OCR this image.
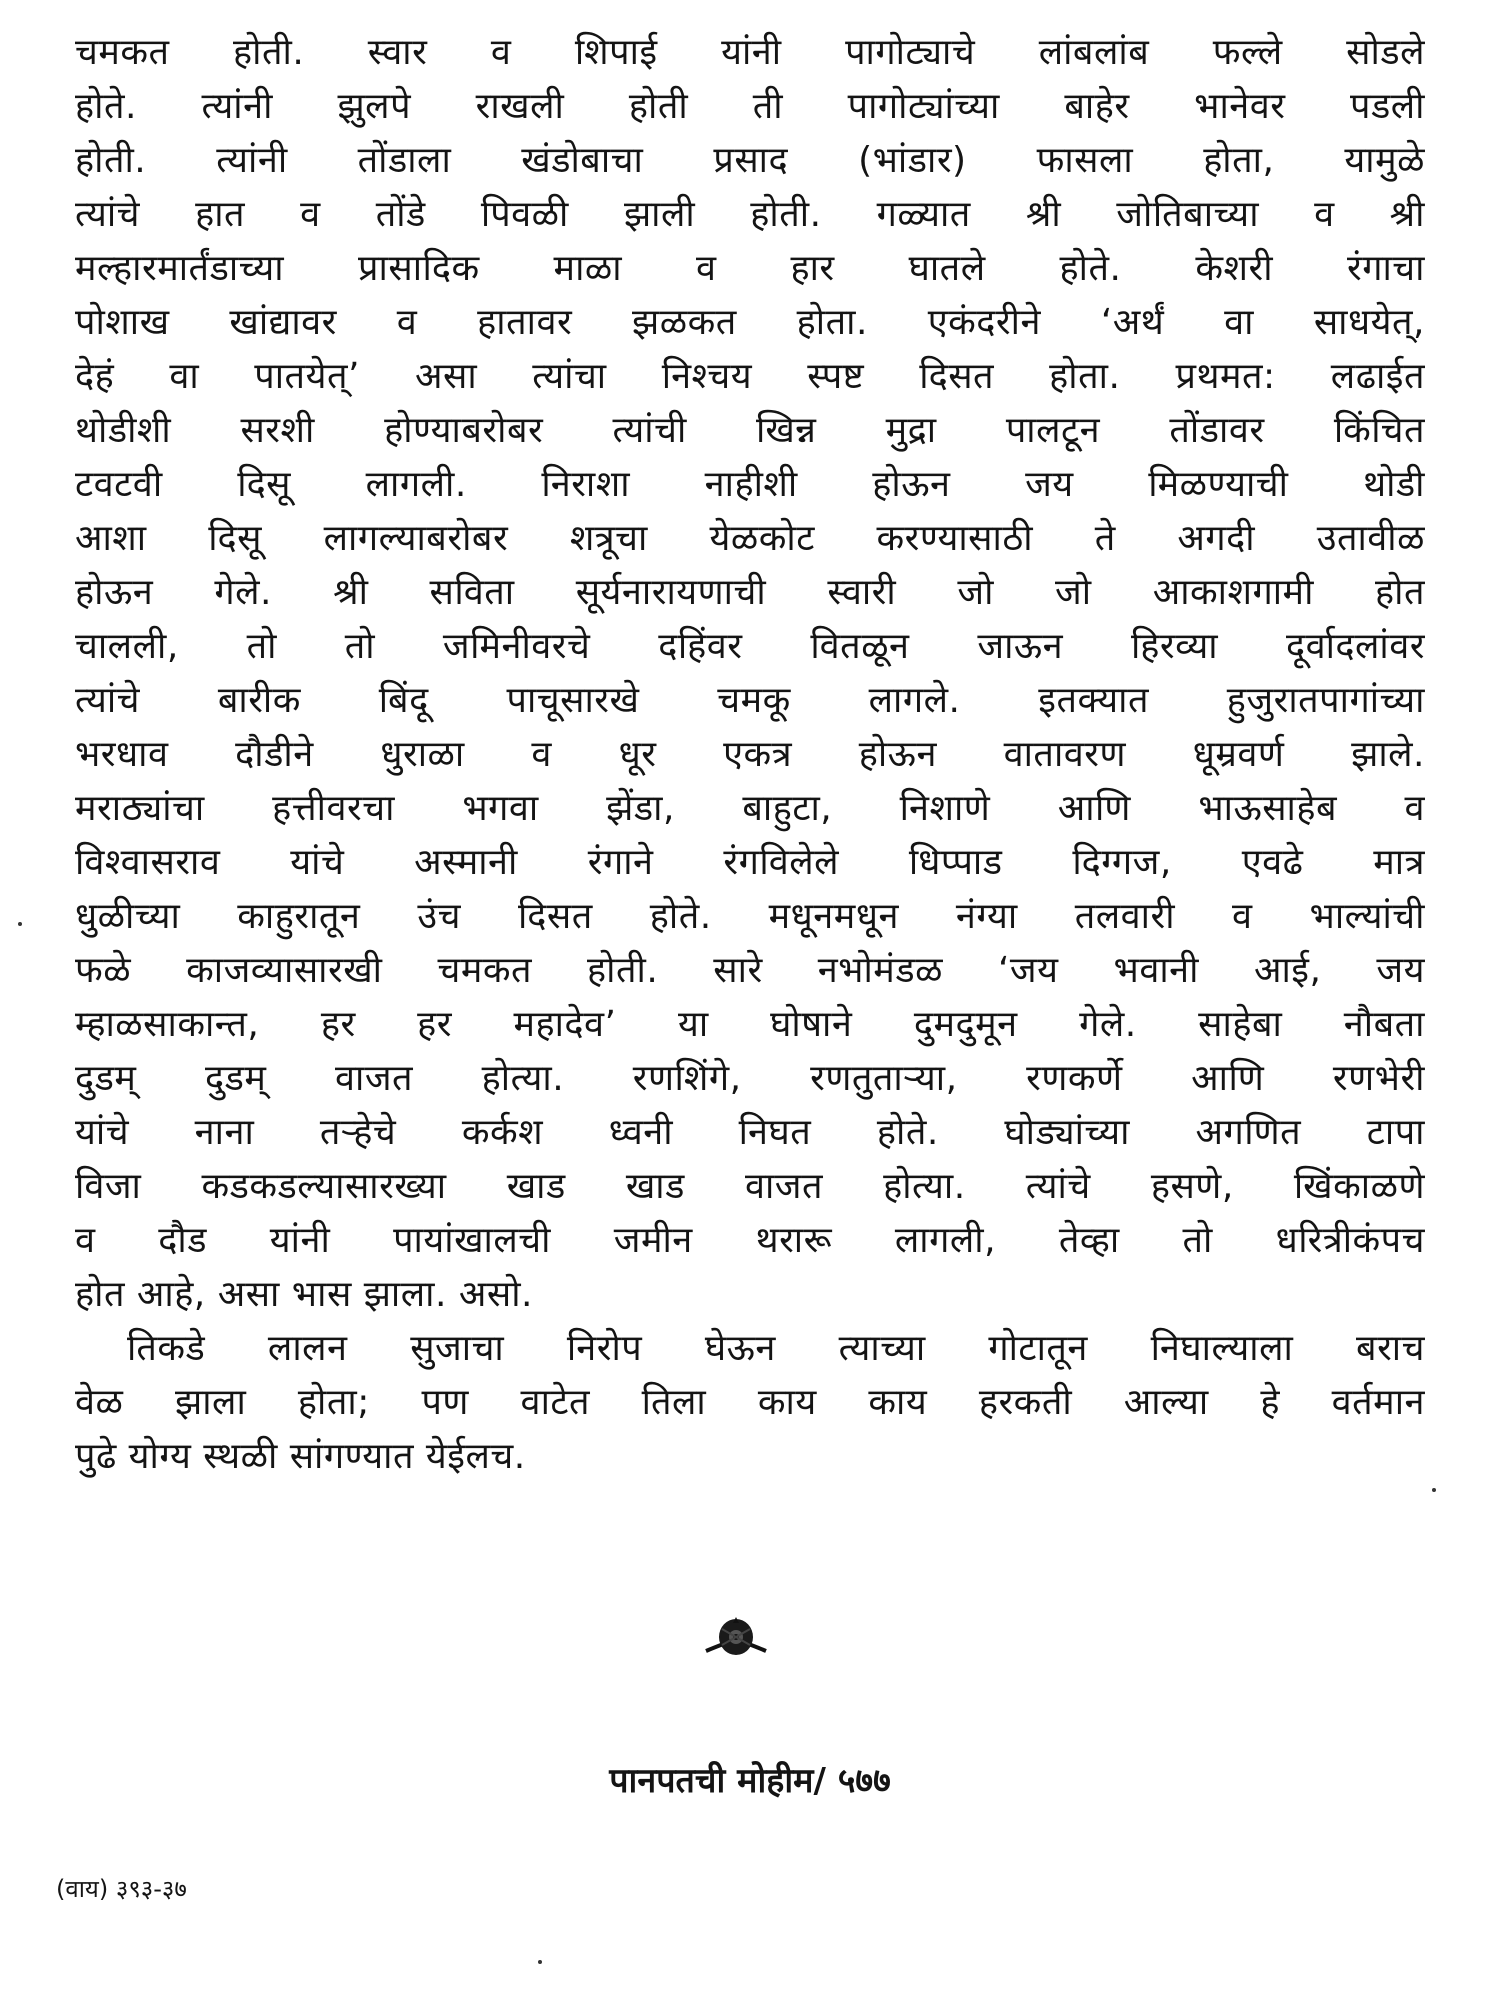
चमकत होती. स्वार व शिपाई यांनी पागोट्याचे लांबलांब फल्ले सोडले
होते. त्यांनी झुलपे राखली होती ती पागोट्यांच्या बाहेर भानेवर पडली
होती. त्यांनी तोंडाला खंडोबाचा प्रसाद (भांडार) फासला होता, यामुळे
त्यांचे हात व तोंडे पिवळी झाली होती. गळ्यात श्री जोतिबाच्या व श्री
मल्हारमार्तंडाच्या प्रासादिक माळा व हार घातले होते. केशरी रंगाचा
पोशाख खांद्यावर व हातावर झळकत होता. एकंदरीने ‘अर्थं वा साधयेत्,
देहं वा पातयेत्’ असा त्यांचा निश्चय स्पष्ट दिसत होता. प्रथमत: लढाईत
थोडीशी सरशी होण्याबरोबर त्यांची खिन्न मुद्रा पालटून तोंडावर किंचित
टवटवी दिसू लागली. निराशा नाहीशी होऊन जय मिळण्याची थोडी
आशा दिसू लागल्याबरोबर शत्रूचा येळकोट करण्यासाठी ते अगदी उतावीळ
होऊन गेले. श्री सविता सूर्यनारायणाची स्वारी जो जो आकाशगामी होत
चालली, तो तो जमिनीवरचे दहिंवर वितळून जाऊन हिरव्या दूर्वादलांवर
त्यांचे बारीक बिंदू पाचूसारखे चमकू लागले. इतक्यात हुजुरातपागांच्या
भरधाव दौडीने धुराळा व धूर एकत्र होऊन वातावरण धूम्रवर्ण झाले.
मराठ्यांचा हत्तीवरचा भगवा झेंडा, बाहुटा, निशाणे आणि भाऊसाहेब व
विश्वासराव यांचे अस्मानी रंगाने रंगविलेले धिप्पाड दिग्गज, एवढे मात्र
धुळीच्या काहुरातून उंच दिसत होते. मधूनमधून नंग्या तलवारी व भाल्यांची
फळे काजव्यासारखी चमकत होती. सारे नभोमंडळ ‘जय भवानी आई, जय
म्हाळसाकान्त, हर हर महादेव’ या घोषाने दुमदुमून गेले. साहेबा नौबता
दुडम् दुडम् वाजत होत्या. रणशिंगे, रणतुताऱ्या, रणकर्णे आणि रणभेरी
यांचे नाना तऱ्हेचे कर्कश ध्वनी निघत होते. घोड्यांच्या अगणित टापा
विजा कडकडल्यासारख्या खाड खाड वाजत होत्या. त्यांचे हसणे, खिंकाळणे
व दौड यांनी पायांखालची जमीन थरारू लागली, तेव्हा तो धरित्रीकंपच
होत आहे, असा भास झाला. असो.
तिकडे लालन सुजाचा निरोप घेऊन त्याच्या गोटातून निघाल्याला बराच
वेळ झाला होता; पण वाटेत तिला काय काय हरकती आल्या हे वर्तमान
पुढे योग्य स्थळी सांगण्यात येईलच.
पानपतची मोहीम/ ५७७
(वाय) ३९३-३७
